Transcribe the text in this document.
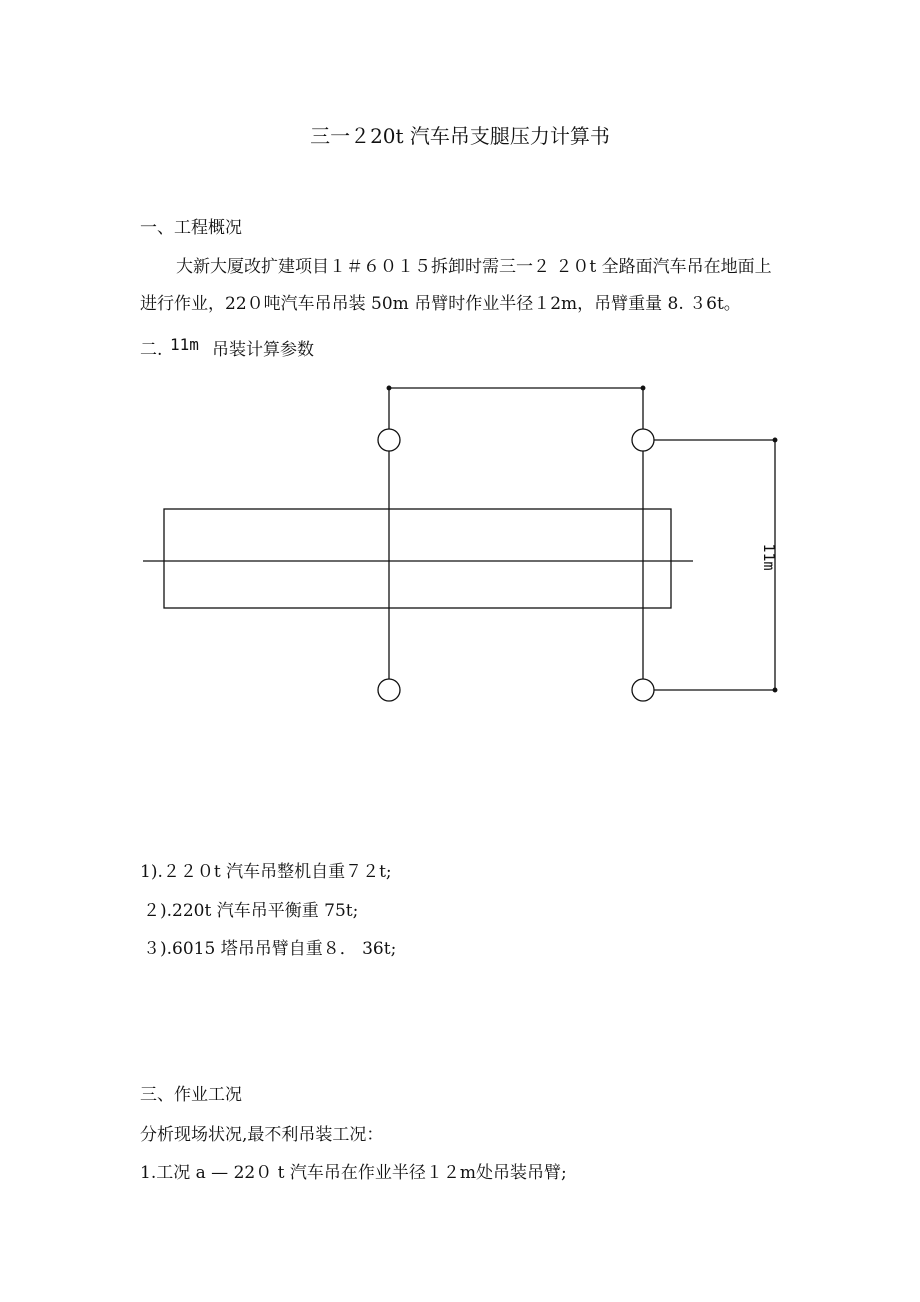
三一２20t 汽车吊支腿压力计算书
一、工程概况
大新大厦改扩建项目１＃６０１５拆卸时需三一２ ２０t 全路面汽车吊在地面上
进行作业，22０吨汽车吊吊装 50m 吊臂时作业半径１2m，吊臂重量 8. ３6t。
二. 11m 吊装计算参数
11m
1).２２０t 汽车吊整机自重７２t;
２).220t 汽车吊平衡重 75t;
３).6015 塔吊吊臂自重８． 36t;
三、作业工况
分析现场状况,最不利吊装工况：
1.工况 a — 22０ t 汽车吊在作业半径１２m处吊装吊臂;
